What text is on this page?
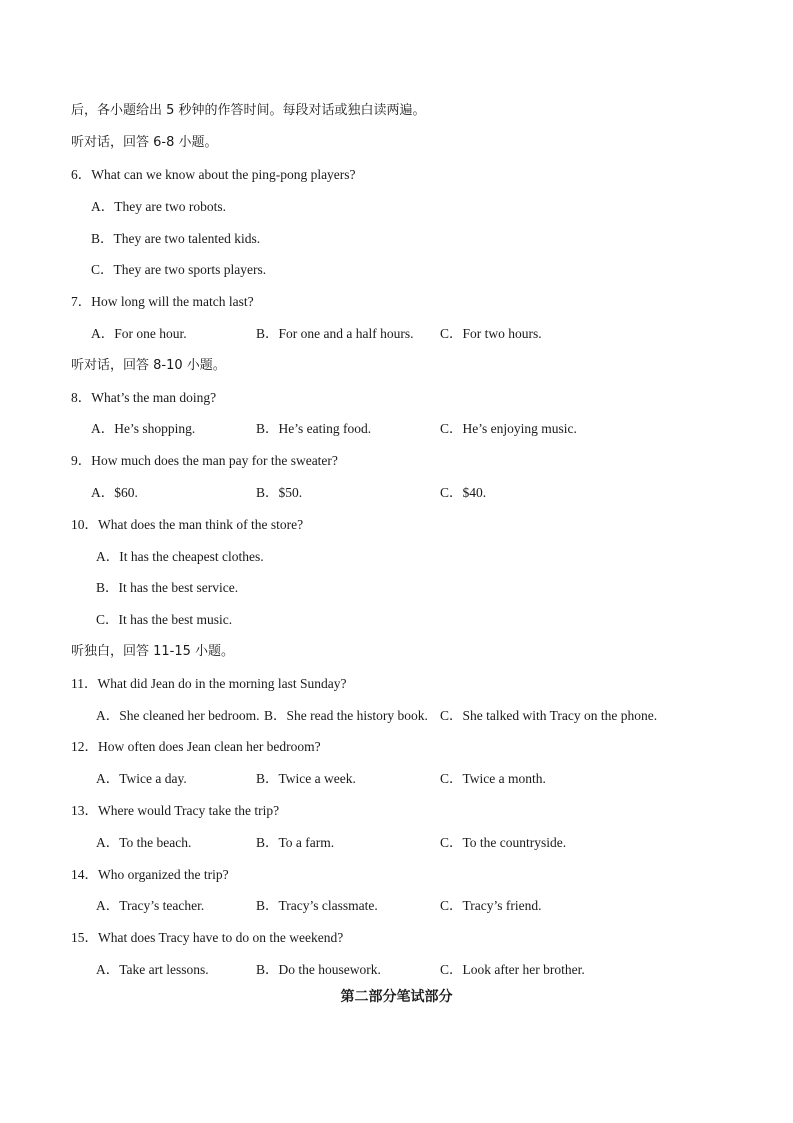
后，各小题给出 5 秒钟的作答时间。每段对话或独白读两遍。
听对话，回答 6-8 小题。
6．What can we know about the ping-pong players?
A．They are two robots.
B．They are two talented kids.
C．They are two sports players.
7．How long will the match last?
A．For one hour.	B．For one and a half hours. C．For two hours.
听对话，回答 8-10 小题。
8．What’s the man doing?
A．He’s shopping.	B．He’s eating food.	C．He’s enjoying music.
9．How much does the man pay for the sweater?
A．$60.	B．$50.	C．$40.
10．What does the man think of the store?
A．It has the cheapest clothes.
B．It has the best service.
C．It has the best music.
听独白，回答 11-15 小题。
11．What did Jean do in the morning last Sunday?
A．She cleaned her bedroom. B．She read the history book. C．She talked with Tracy on the phone.
12．How often does Jean clean her bedroom?
A．Twice a day.	B．Twice a week.	C．Twice a month.
13．Where would Tracy take the trip?
A．To the beach.	B．To a farm.	C．To the countryside.
14．Who organized the trip?
A．Tracy’s teacher.	B．Tracy’s classmate.	C．Tracy’s friend.
15．What does Tracy have to do on the weekend?
A．Take art lessons.	B．Do the housework.	C．Look after her brother.
第二部分笔试部分
